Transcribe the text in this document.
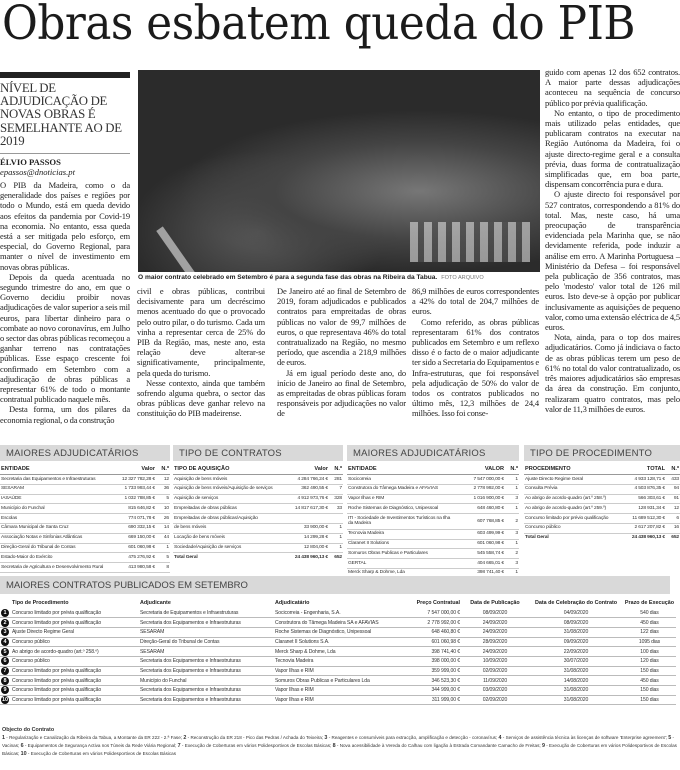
Obras esbatem queda do PIB
NÍVEL DE ADJUDICAÇÃO DE NOVAS OBRAS É SEMELHANTE AO DE 2019
ÉLVIO PASSOS
epassos@dnoticias.pt

O PIB da Madeira, como o da generalidade dos países e regiões por todo o Mundo, está em queda devido aos efeitos da pandemia por Covid-19 na economia. No entanto, essa queda está a ser mitigada pelo esforço, em especial, do Governo Regional, para manter o nível de investimento em novas obras públicas.

Depois da queda acentuada no segundo trimestre do ano, em que o Governo decidiu proibir novas adjudicações de valor superior a seis mil euros, para libertar dinheiro para o combate ao novo coronavírus, em Julho o sector das obras públicas recomeçou a ganhar terreno nas contratações públicas. Esse espaço crescente foi confirmado em Setembro com a adjudicação de obras públicas a representar 61% de todo o montante contratual publicado naquele mês.

Desta forma, um dos pilares da economia regional, o da construção

civil e obras públicas, contribui decisivamente para um decréscimo menos acentuado do que o provocado pelo outro pilar, o do turismo. Cada um vinha a representar cerca de 25% do PIB da Região, mas, neste ano, esta relação deve alterar-se significativamente, principalmente, pela queda do turismo.

Nesse contexto, ainda que também sofrendo alguma quebra, o sector das obras públicas deve ganhar relevo na constituição do PIB madeirense.

De Janeiro até ao final de Setembro de 2019, foram adjudicados e publicados contratos para empreitadas de obras públicas no valor de 99,7 milhões de euros, o que representava 46% do total contratualizado na Região, no mesmo período, que ascendia a 218,9 milhões de euros.

Já em igual período deste ano, do início de Janeiro ao final de Setembro, as empreitadas de obras públicas foram responsáveis por adjudicações no valor de

86,9 milhões de euros correspondentes a 42% do total de 204,7 milhões de euros.

Como referido, as obras públicas representaram 61% dos contratos publicados em Setembro e um reflexo disso é o facto de o maior adjudicante ter sido a Secretaria do Equipamentos e Infra-estruturas, que foi responsável pela adjudicação de 50% do valor de todos os contratos publicados no último mês, 12,3 milhões de 24,4 milhões. Isso foi conse-

guido com apenas 12 dos 652 contratos. A maior parte dessas adjudicações aconteceu na sequência de concurso público por prévia qualificação.

No entanto, o tipo de procedimento mais utilizado pelas entidades, que publicaram contratos na executar na Região Autónoma da Madeira, foi o ajuste directo-regime geral e a consulta prévia, duas forma de contratualização simplificadas que, em boa parte, dispensam concorrência pura e dura.

O ajuste directo foi responsável por 527 contratos, correspondendo a 81% do total. Mas, neste caso, há uma preocupação de transparência evidenciada pela Marinha que, se não devidamente referida, pode induzir a análise em erro. A Marinha Portuguesa – Ministério da Defesa – foi responsável pela publicação de 356 contratos, mas pelo 'modesto' valor total de 126 mil euros. Isto deve-se à opção por publicar inclusivamente as aquisições de pequeno valor, como uma extensão eléctrica de 4,5 euros.

Nota, ainda, para o top dos maires adjudicatários. Como já indiciava o facto de as obras públicas terem um peso de 61% no total do valor contratualizado, os três maiores adjudicatários são empresas da área da construção. Em conjunto, realizaram quatro contratos, mas pelo valor de 11,3 milhões de euros.

O maior contrato celebrado em Setembro é para a segunda fase das obras na Ribeira da Tabua. FOTO ARQUIVO
MAIORES ADJUDICATÁRIOS
ENTIDADE	Valor	N.º
Secretaria das Equipamentos e Infraestruturas	12 327 782,28 €	12
SESARAM	1 733 993,44 €	36
IASAÚDE	1 032 788,85 €	5
Município do Funchal	815 646,82 €	10
Escolas	774 071,78 €	26
Câmara Municipal de Santa Cruz	690 332,15 €	14
Associação Notas e Sinfonias Atlânticas	669 150,00 €	44
Direção-Geral do Tribunal de Contas	601 060,98 €	1
Estado-Maior do Exército	475 276,92 €	5
Secretaria de Agricultura e Desenvolvimento Rural	413 980,58 €	8
TIPO DE CONTRATOS
TIPO DE AQUISIÇÃO	Valor	N.º
Aquisição de bens móveis	4 284 766,24 €	281
Aquisição de bens móveis/Aquisição de serviços	362 490,55 €	7
Aquisição de serviços	4 912 973,76 €	328
Empreitadas de obras públicas	14 817 617,30 €	33
Empreitadas de obras públicas/Aquisição		
de bens móveis	33 900,00 €	1
Locação de bens móveis	14 299,28 €	1
Sociedade/Aquisição de serviços	12 804,00 €	1
Total Geral	24 438 960,13 €	652
MAIORES ADJUDICATÁRIOS
ENTIDADE	VALOR	N.º
Socicorreia	7 547 000,00 €	1
Construtora do Tâmega Madeira e AFAVIAS	2 778 992,00 €	1
Vapor Ilhas e RIM	1 016 900,00 €	3
Roche Sistemas de Diagnóstico, Unipessoal	648 460,80 €	1
ITI - Sociedade de Investimentos Turísticos na Ilha da Madeira	607 768,85 €	2
Tecnovia Madeira	603 499,99 €	3
Claranet II Solutions	601 060,98 €	1
Somuros Obras Publicas e Particulares	545 558,74 €	2
GERTAL	404 665,01 €	3
Merck Sharp & Dohme, Lda	398 741,40 €	1
TIPO DE PROCEDIMENTO
PROCEDIMENTO	TOTAL	N.º
Ajuste Directo Regime Geral	4 933 128,71 €	433
Consulta Prévia	4 503 876,35 €	94
Ao abrigo de acordo-quadro (art.º 258.º)	566 303,61 €	91
Ao abrigo de acordo-quadro (art.º 259.º)	128 931,34 €	12
Concurso limitado por prévio qualificação	11 689 512,30 €	6
Concurso público	2 617 207,82 €	16
Total Geral	24 438 960,13 €	652
MAIORES CONTRATOS PUBLICADOS EM SETEMBRO
	Tipo de Procedimento	Adjudicante	Adjudicatário	Preço Contratual	Data de Publicação	Data de Celebração do Contrato	Prazo de Execução
1	Concurso limitado por prévia qualificação	Secretaria de Equipamentos e Infraestruturas	Socicorreia - Engenharia, S.A.	7 547 000,00 €	08/09/2020	04/09/2020	540 dias
2	Concurso limitado por prévia qualificação	Secretaria dos Equipamentos e Infraestruturas	Construtora do Tâmega Madeira SA e AFAVIAS	2 778 992,00 €	24/09/2020	08/09/2020	450 dias
3	Ajuste Directo Regime Geral	SESARAM	Roche Sistemas de Diagnóstico, Unipessoal	648 460,80 €	24/09/2020	31/08/2020	122 dias
4	Concurso público	Direção-Geral do Tribunal de Contas	Claranet II Solutions S.A.	601 060,98 €	28/09/2020	09/09/2020	1095 dias
5	Ao abrigo de acordo-quadro (art.º 258.º)	SESARAM	Merck Sharp & Dohme, Lda	398 741,40 €	24/09/2020	22/09/2020	100 dias
6	Concurso público	Secretaria dos Equipamentos e Infraestruturas	Tecnovia Madeira	398 000,00 €	10/09/2020	30/07/2020	120 dias
7	Concurso limitado por prévia qualificação	Secretaria dos Equipamentos e Infraestruturas	Vapor Ilhas e RIM	359 999,00 €	02/09/2020	31/08/2020	150 dias
8	Concurso limitado por prévia qualificação	Município do Funchal	Somuros Obras Publicas e Particulares Lda	346 523,30 €	11/09/2020	14/08/2020	450 dias
9	Concurso limitado por prévia qualificação	Secretaria dos Equipamentos e Infraestruturas	Vapor Ilhas e RIM	344 999,00 €	03/09/2020	31/08/2020	150 dias
10	Concurso limitado por prévia qualificação	Secretaria dos Equipamentos e Infraestruturas	Vapor Ilhas e RIM	311 999,00 €	02/09/2020	31/08/2020	150 dias
Objecto do Contrato
1 - Regularização e Canalização da Ribeira da Tabua, a Montante da ER 222 - 2.ª Fase; 2 - Reconstrução da ER 218 - Pico das Pedras / Achada do Teixeira; 3 - Reagentes e consumíveis para extracção, amplificação e detecção - coronavírus; 4 - Serviços de assistência técnica às licenças de software 'Enterprise agreement'; 5 - Vacinas; 6 - Equipamentos de Segurança Activa nos Túneis da Rede Viária Regional; 7 - Execução de Coberturas em vários Polidesportivos de Escolas Básicas; 8 - Nova acessibilidade à Vereda do Calhau com ligação à Estrada Comandante Camacho de Freitas; 9 - Execução de Coberturas em vários Polidesportivos de Escolas Básicas; 10 - Execução de Coberturas em vários Polidesportivos de Escolas Básicas
